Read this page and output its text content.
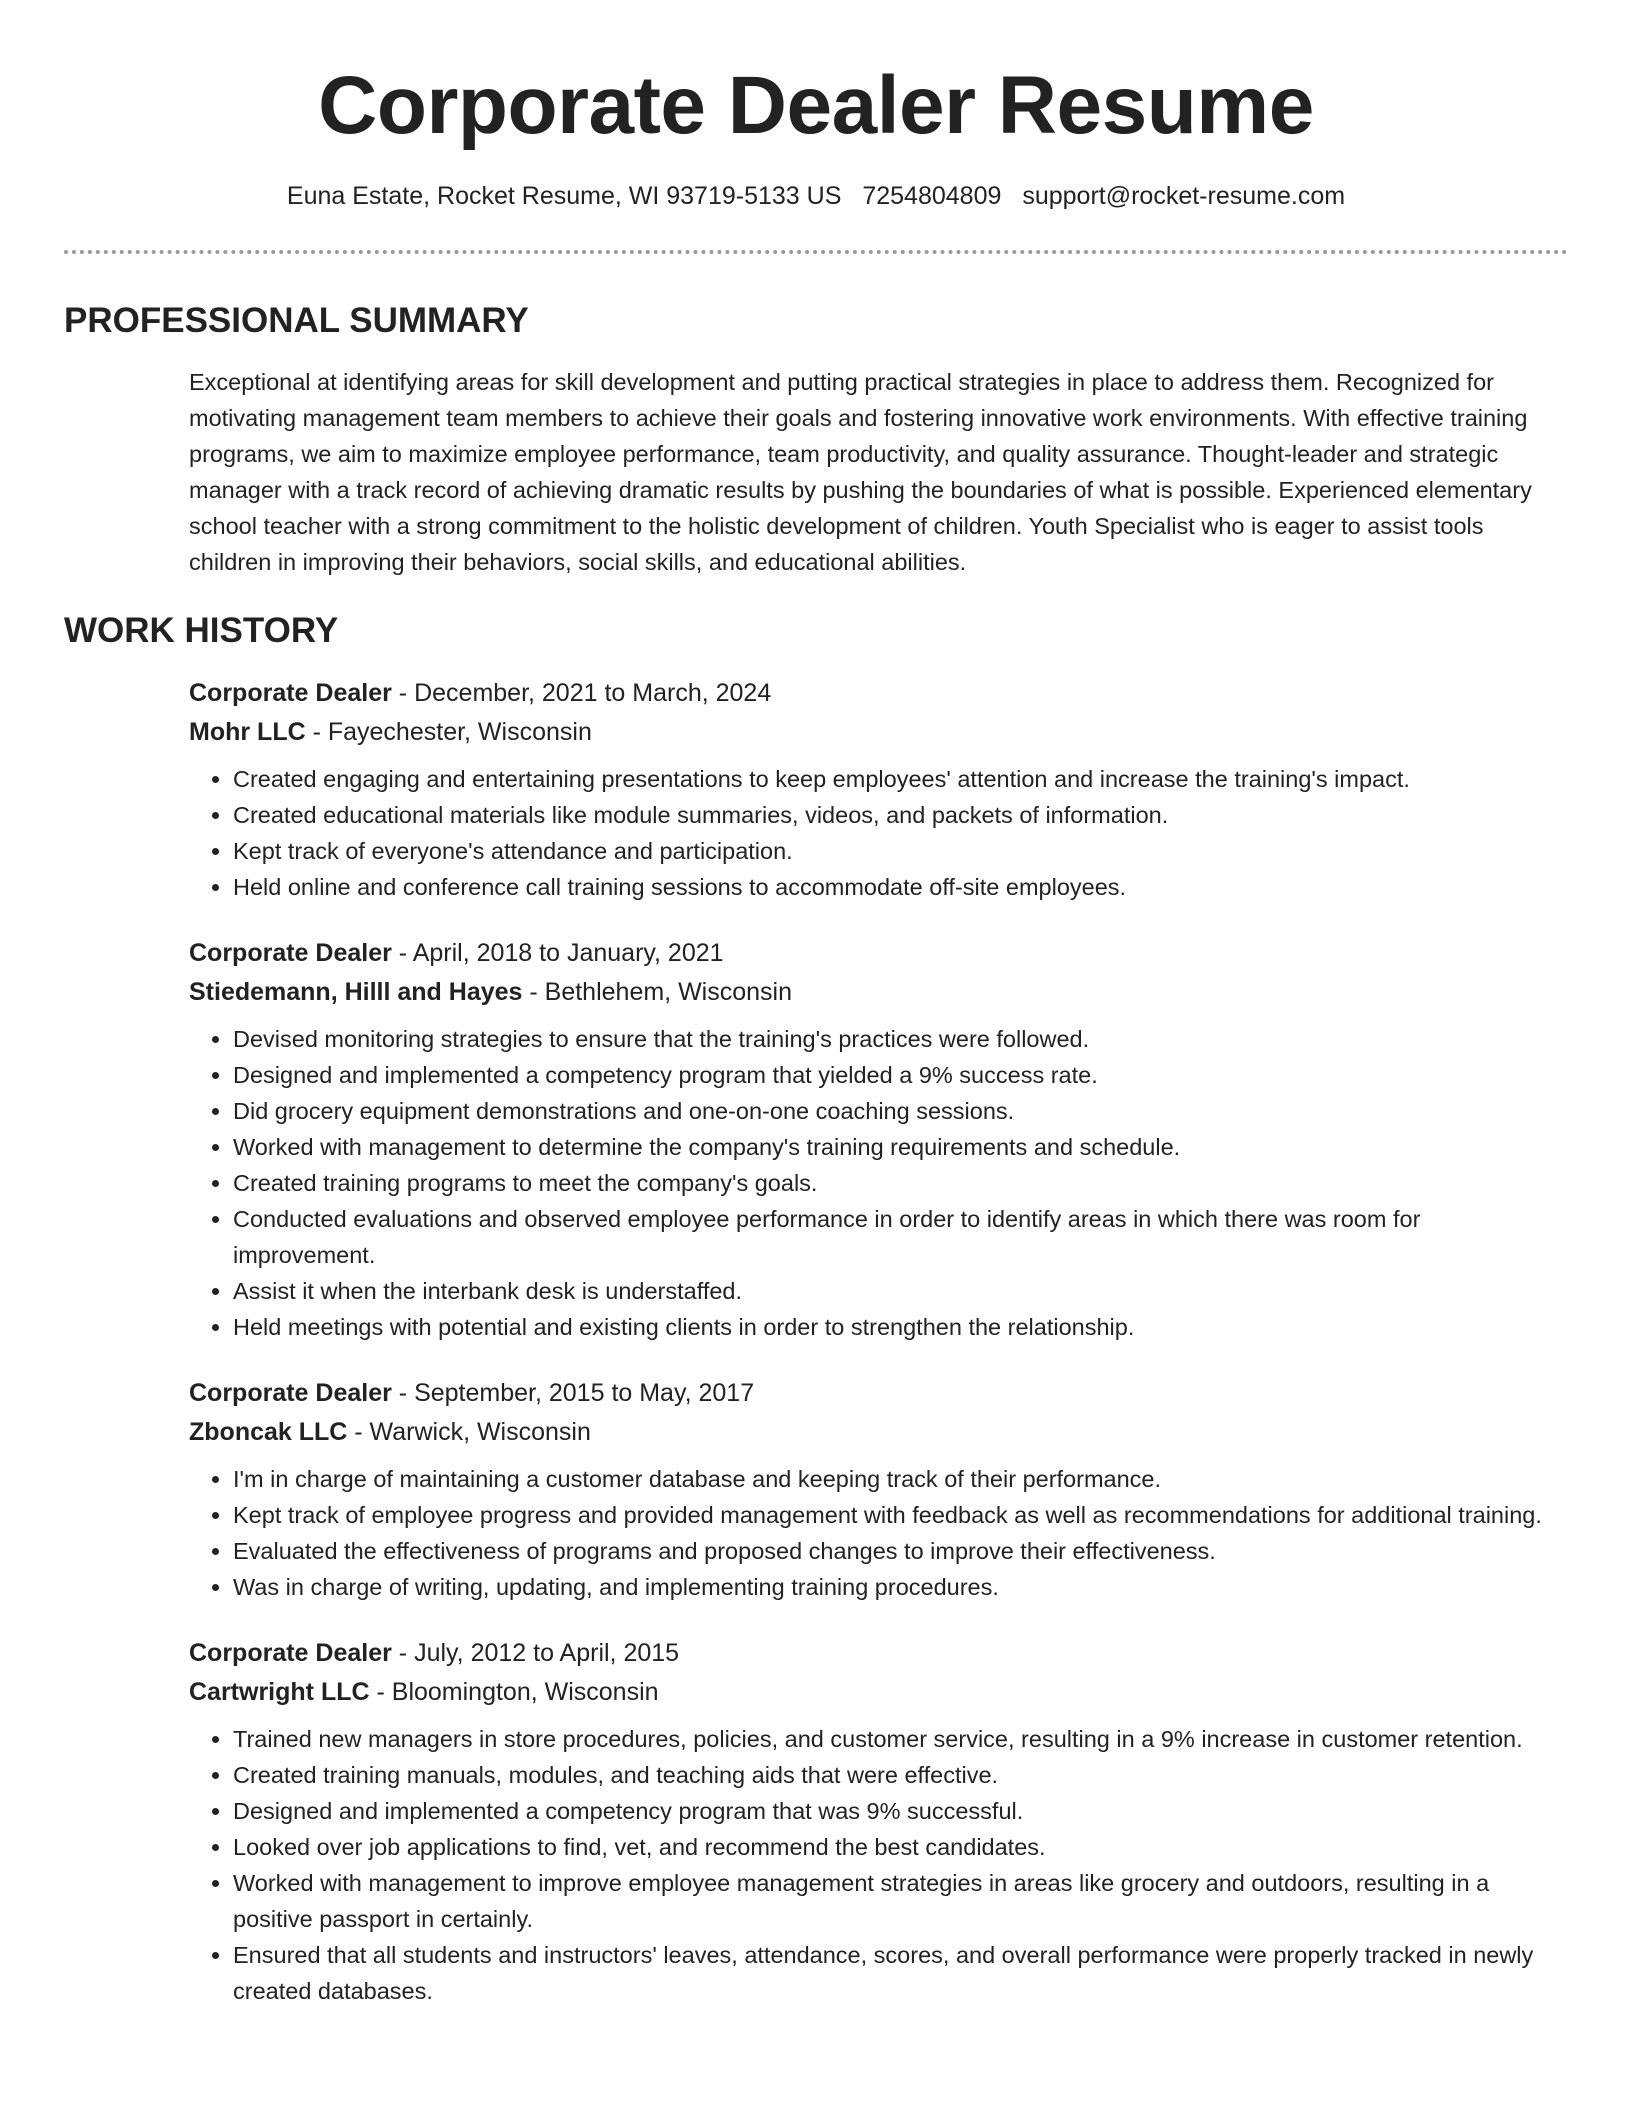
Corporate Dealer Resume
Euna Estate, Rocket Resume, WI 93719-5133 US 7254804809 support@rocket-resume.com
PROFESSIONAL SUMMARY

Exceptional at identifying areas for skill development and putting practical strategies in place to address them. Recognized for motivating management team members to achieve their goals and fostering innovative work environments. With effective training programs, we aim to maximize employee performance, team productivity, and quality assurance. Thought-leader and strategic manager with a track record of achieving dramatic results by pushing the boundaries of what is possible. Experienced elementary school teacher with a strong commitment to the holistic development of children. Youth Specialist who is eager to assist tools children in improving their behaviors, social skills, and educational abilities.

WORK HISTORY
Corporate Dealer - December, 2021 to March, 2024
Mohr LLC - Fayechester, Wisconsin
• Created engaging and entertaining presentations to keep employees' attention and increase the training's impact.
• Created educational materials like module summaries, videos, and packets of information.
• Kept track of everyone's attendance and participation.
• Held online and conference call training sessions to accommodate off-site employees.
Corporate Dealer - April, 2018 to January, 2021
Stiedemann, Hilll and Hayes - Bethlehem, Wisconsin
• Devised monitoring strategies to ensure that the training's practices were followed.
• Designed and implemented a competency program that yielded a 9% success rate.
• Did grocery equipment demonstrations and one-on-one coaching sessions.
• Worked with management to determine the company's training requirements and schedule.
• Created training programs to meet the company's goals.
• Conducted evaluations and observed employee performance in order to identify areas in which there was room for improvement.
• Assist it when the interbank desk is understaffed.
• Held meetings with potential and existing clients in order to strengthen the relationship.
Corporate Dealer - September, 2015 to May, 2017
Zboncak LLC - Warwick, Wisconsin
• I'm in charge of maintaining a customer database and keeping track of their performance.
• Kept track of employee progress and provided management with feedback as well as recommendations for additional training.
• Evaluated the effectiveness of programs and proposed changes to improve their effectiveness.
• Was in charge of writing, updating, and implementing training procedures.
Corporate Dealer - July, 2012 to April, 2015
Cartwright LLC - Bloomington, Wisconsin
• Trained new managers in store procedures, policies, and customer service, resulting in a 9% increase in customer retention.
• Created training manuals, modules, and teaching aids that were effective.
• Designed and implemented a competency program that was 9% successful.
• Looked over job applications to find, vet, and recommend the best candidates.
• Worked with management to improve employee management strategies in areas like grocery and outdoors, resulting in a positive passport in certainly.
• Ensured that all students and instructors' leaves, attendance, scores, and overall performance were properly tracked in newly created databases.
